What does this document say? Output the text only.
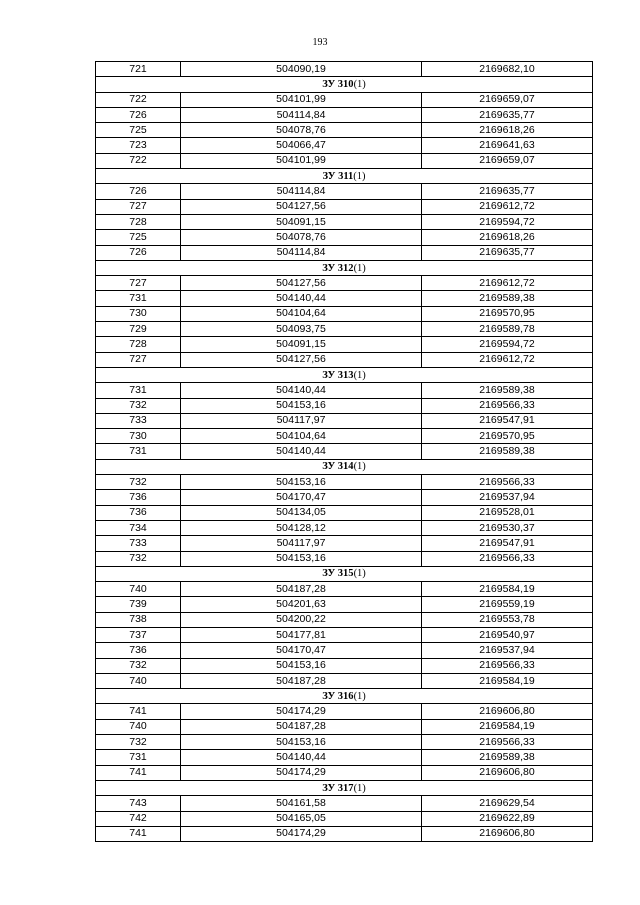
193
721	504090,19	2169682,10
ЗУ 310(1)		
722	504101,99	2169659,07
726	504114,84	2169635,77
725	504078,76	2169618,26
723	504066,47	2169641,63
722	504101,99	2169659,07
ЗУ 311(1)		
726	504114,84	2169635,77
727	504127,56	2169612,72
728	504091,15	2169594,72
725	504078,76	2169618,26
726	504114,84	2169635,77
ЗУ 312(1)		
727	504127,56	2169612,72
731	504140,44	2169589,38
730	504104,64	2169570,95
729	504093,75	2169589,78
728	504091,15	2169594,72
727	504127,56	2169612,72
ЗУ 313(1)		
731	504140,44	2169589,38
732	504153,16	2169566,33
733	504117,97	2169547,91
730	504104,64	2169570,95
731	504140,44	2169589,38
ЗУ 314(1)		
732	504153,16	2169566,33
736	504170,47	2169537,94
736	504134,05	2169528,01
734	504128,12	2169530,37
733	504117,97	2169547,91
732	504153,16	2169566,33
ЗУ 315(1)		
740	504187,28	2169584,19
739	504201,63	2169559,19
738	504200,22	2169553,78
737	504177,81	2169540,97
736	504170,47	2169537,94
732	504153,16	2169566,33
740	504187,28	2169584,19
ЗУ 316(1)		
741	504174,29	2169606,80
740	504187,28	2169584,19
732	504153,16	2169566,33
731	504140,44	2169589,38
741	504174,29	2169606,80
ЗУ 317(1)		
743	504161,58	2169629,54
742	504165,05	2169622,89
741	504174,29	2169606,80
